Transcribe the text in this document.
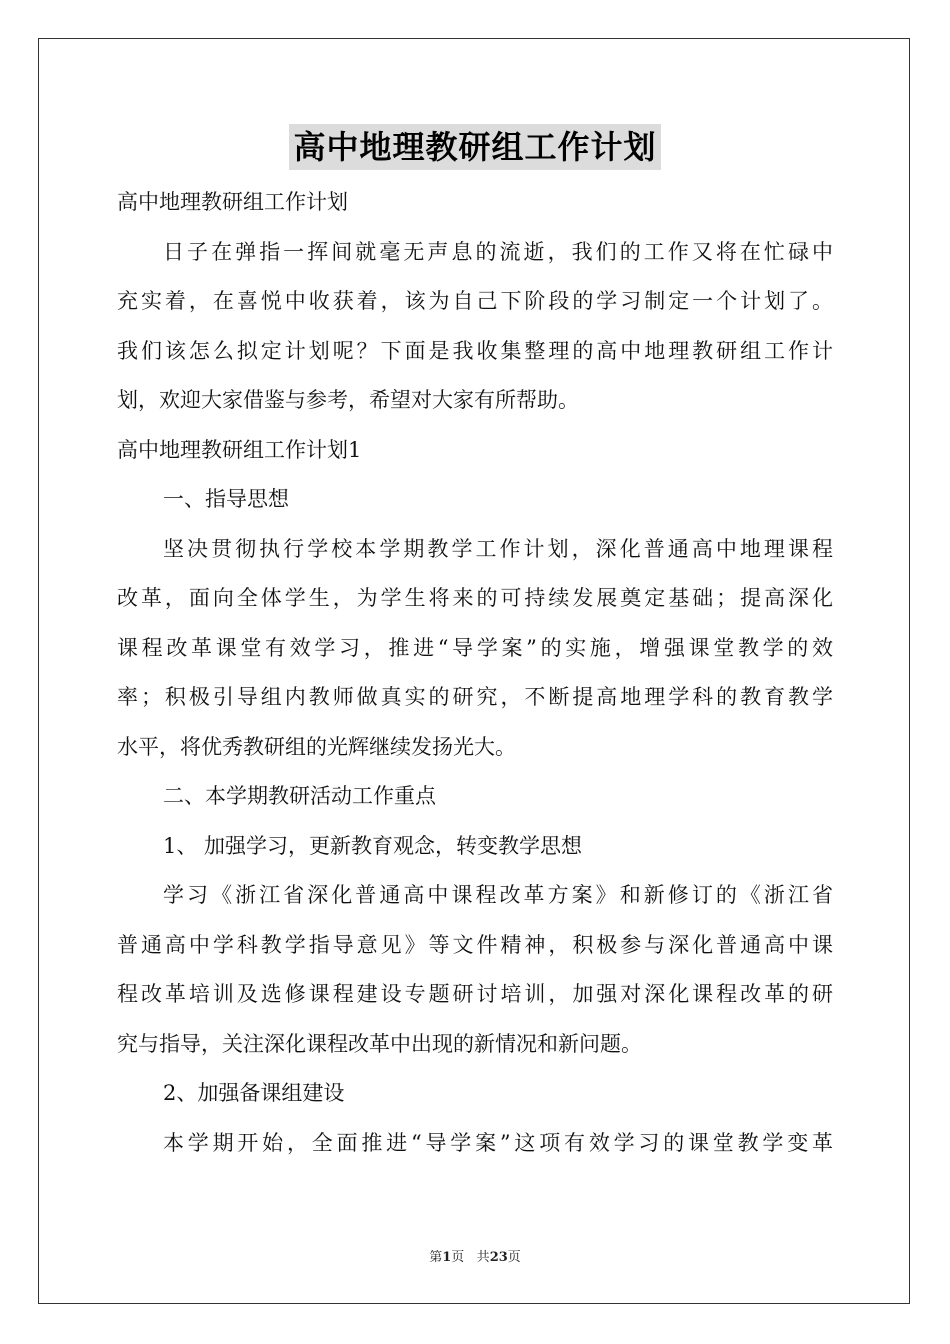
高中地理教研组工作计划
高中地理教研组工作计划
日子在弹指一挥间就毫无声息的流逝，我们的工作又将在忙碌中
充实着，在喜悦中收获着，该为自己下阶段的学习制定一个计划了。
我们该怎么拟定计划呢？下面是我收集整理的高中地理教研组工作计
划，欢迎大家借鉴与参考，希望对大家有所帮助。
高中地理教研组工作计划1
一、指导思想
坚决贯彻执行学校本学期教学工作计划，深化普通高中地理课程
改革，面向全体学生，为学生将来的可持续发展奠定基础；提高深化
课程改革课堂有效学习，推进“导学案”的实施，增强课堂教学的效
率；积极引导组内教师做真实的研究，不断提高地理学科的教育教学
水平，将优秀教研组的光辉继续发扬光大。
二、本学期教研活动工作重点
1、 加强学习，更新教育观念，转变教学思想
学习《浙江省深化普通高中课程改革方案》和新修订的《浙江省
普通高中学科教学指导意见》等文件精神，积极参与深化普通高中课
程改革培训及选修课程建设专题研讨培训，加强对深化课程改革的研
究与指导，关注深化课程改革中出现的新情况和新问题。
2、加强备课组建设
本学期开始，全面推进“导学案”这项有效学习的课堂教学变革
第1页 共23页
